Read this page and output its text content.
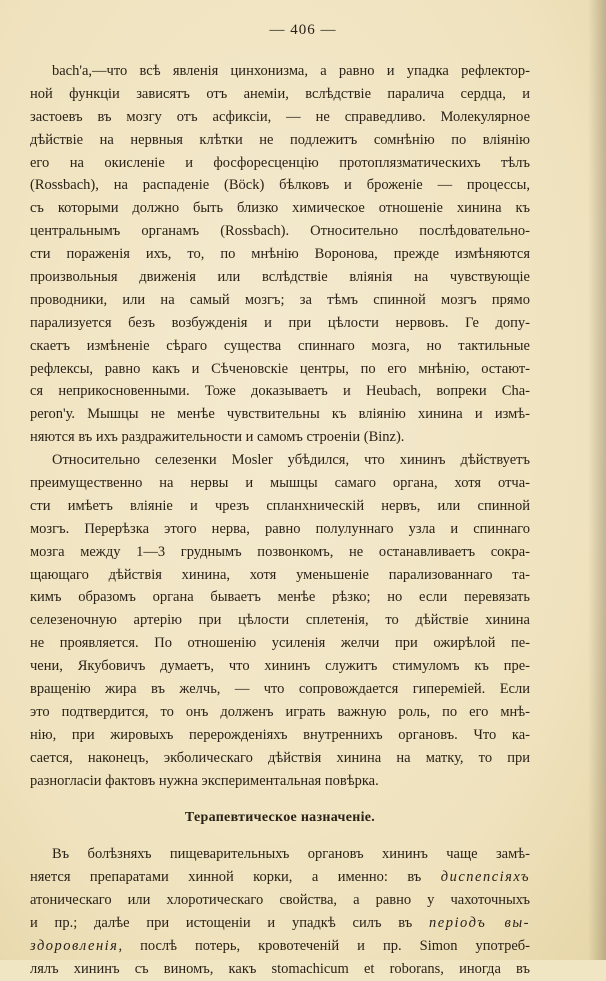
— 406 —
bach'a,—что всѣ явленія цинхонизма, а равно и упадка рефлектор-
ной функціи зависятъ отъ анеміи, вслѣдствіе паралича сердца, и
застоевъ въ мозгу отъ асфиксіи, — не справедливо. Молекулярное
дѣйствіе на нервныя клѣтки не подлежитъ сомнѣнію по вліянію
его на окисленіе и фосфоресценцію протоплязматическихъ тѣлъ
(Rossbach), на распаденіе (Böck) бѣлковъ и броженіе — процессы,
съ которыми должно быть близко химическое отношеніе хинина къ
центральнымъ органамъ (Rossbach). Относительно послѣдовательно-
сти пораженія ихъ, то, по мнѣнію Воронова, прежде измѣняются
произвольныя движенія или вслѣдствіе вліянія на чувствующіе
проводники, или на самый мозгъ; за тѣмъ спинной мозгъ прямо
парализуется безъ возбужденія и при цѣлости нервовъ. Ге допу-
скаетъ измѣненіе сѣраго существа спиннаго мозга, но тактильные
рефлексы, равно какъ и Сѣченовскіе центры, по его мнѣнію, остают-
ся неприкосновенными. Тоже доказываетъ и Heubach, вопреки Cha-
peron'у. Мышцы не менѣе чувствительны къ вліянію хинина и измѣ-
няются въ ихъ раздражительности и самомъ строеніи (Binz).
Относительно селезенки Mosler убѣдился, что хининъ дѣйствуетъ
преимущественно на нервы и мышцы самаго органа, хотя отча-
сти имѣетъ вліяніе и чрезъ спланхническій нервъ, или спинной
мозгъ. Перерѣзка этого нерва, равно полулуннаго узла и спиннаго
мозга между 1—3 груднымъ позвонкомъ, не останавливаетъ сокра-
щающаго дѣйствія хинина, хотя уменьшеніе парализованнаго та-
кимъ образомъ органа бываетъ менѣе рѣзко; но если перевязать
селезеночную артерію при цѣлости сплетенія, то дѣйствіе хинина
не проявляется. По отношенію усиленія желчи при ожирѣлой пе-
чени, Якубовичъ думаетъ, что хининъ служитъ стимуломъ къ пре-
вращенію жира въ желчь, — что сопровождается гипереміей. Если
это подтвердится, то онъ долженъ играть важную роль, по его мнѣ-
нію, при жировыхъ перерожденіяхъ внутреннихъ органовъ. Что ка-
сается, наконецъ, экболическаго дѣйствія хинина на матку, то при
разногласіи фактовъ нужна экспериментальная повѣрка.
Терапевтическое назначеніе.
Въ болѣзняхъ пищеварительныхъ органовъ хининъ чаще замѣ-
няется препаратами хинной корки, а именно: въ диспепсіяхъ
атоническаго или хлоротическаго свойства, а равно у чахоточныхъ
и пр.; далѣе при истощеніи и упадкѣ силъ въ періодъ вы-
здоровленія, послѣ потерь, кровотеченій и пр. Simon употреб-
лялъ хининъ съ виномъ, какъ stomachicum et roborans, иногда въ
